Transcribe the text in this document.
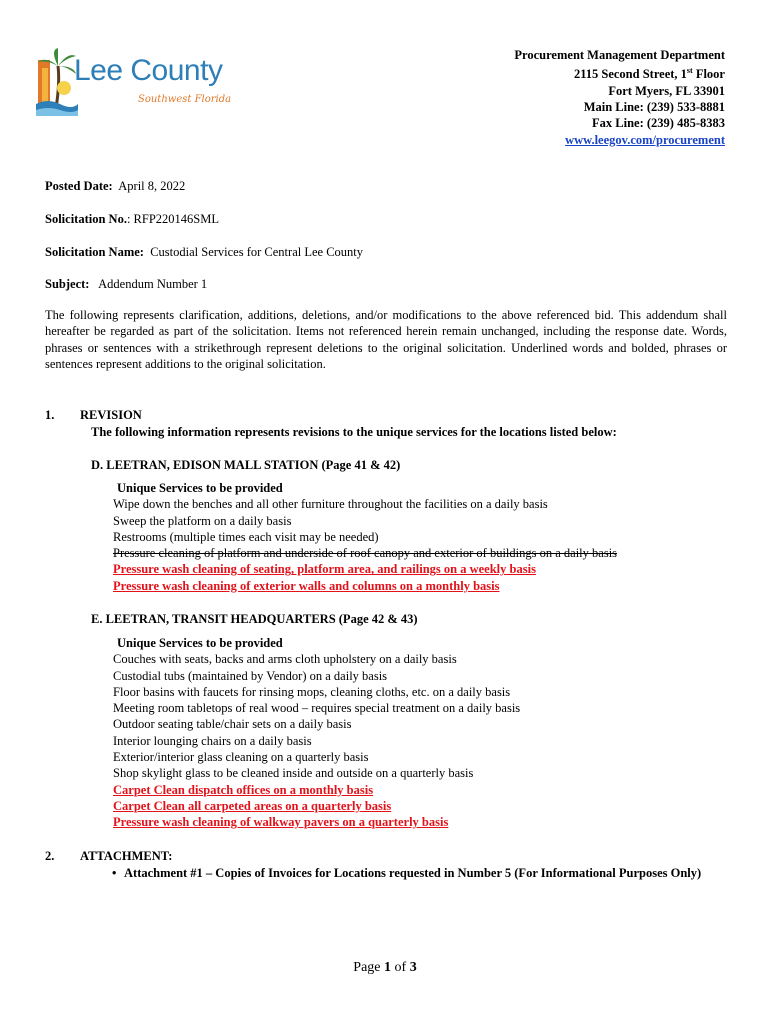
Lee County
Southwest Florida
Procurement Management Department
2115 Second Street, 1st Floor
Fort Myers, FL 33901
Main Line: (239) 533-8881
Fax Line: (239) 485-8383
www.leegov.com/procurement
Posted Date: April 8, 2022
Solicitation No.: RFP220146SML
Solicitation Name: Custodial Services for Central Lee County
Subject: Addendum Number 1
The following represents clarification, additions, deletions, and/or modifications to the above referenced bid. This addendum shall hereafter be regarded as part of the solicitation. Items not referenced herein remain unchanged, including the response date. Words, phrases or sentences with a strikethrough represent deletions to the original solicitation. Underlined words and bolded, phrases or sentences represent additions to the original solicitation.
1. REVISION
The following information represents revisions to the unique services for the locations listed below:
D. LEETRAN, EDISON MALL STATION (Page 41 & 42)
Unique Services to be provided
Wipe down the benches and all other furniture throughout the facilities on a daily basis
Sweep the platform on a daily basis
Restrooms (multiple times each visit may be needed)
Pressure cleaning of platform and underside of roof canopy and exterior of buildings on a daily basis
Pressure wash cleaning of seating, platform area, and railings on a weekly basis
Pressure wash cleaning of exterior walls and columns on a monthly basis
E. LEETRAN, TRANSIT HEADQUARTERS (Page 42 & 43)
Unique Services to be provided
Couches with seats, backs and arms cloth upholstery on a daily basis
Custodial tubs (maintained by Vendor) on a daily basis
Floor basins with faucets for rinsing mops, cleaning cloths, etc. on a daily basis
Meeting room tabletops of real wood – requires special treatment on a daily basis
Outdoor seating table/chair sets on a daily basis
Interior lounging chairs on a daily basis
Exterior/interior glass cleaning on a quarterly basis
Shop skylight glass to be cleaned inside and outside on a quarterly basis
Carpet Clean dispatch offices on a monthly basis
Carpet Clean all carpeted areas on a quarterly basis
Pressure wash cleaning of walkway pavers on a quarterly basis
2. ATTACHMENT:
• Attachment #1 – Copies of Invoices for Locations requested in Number 5 (For Informational Purposes Only)
Page 1 of 3
